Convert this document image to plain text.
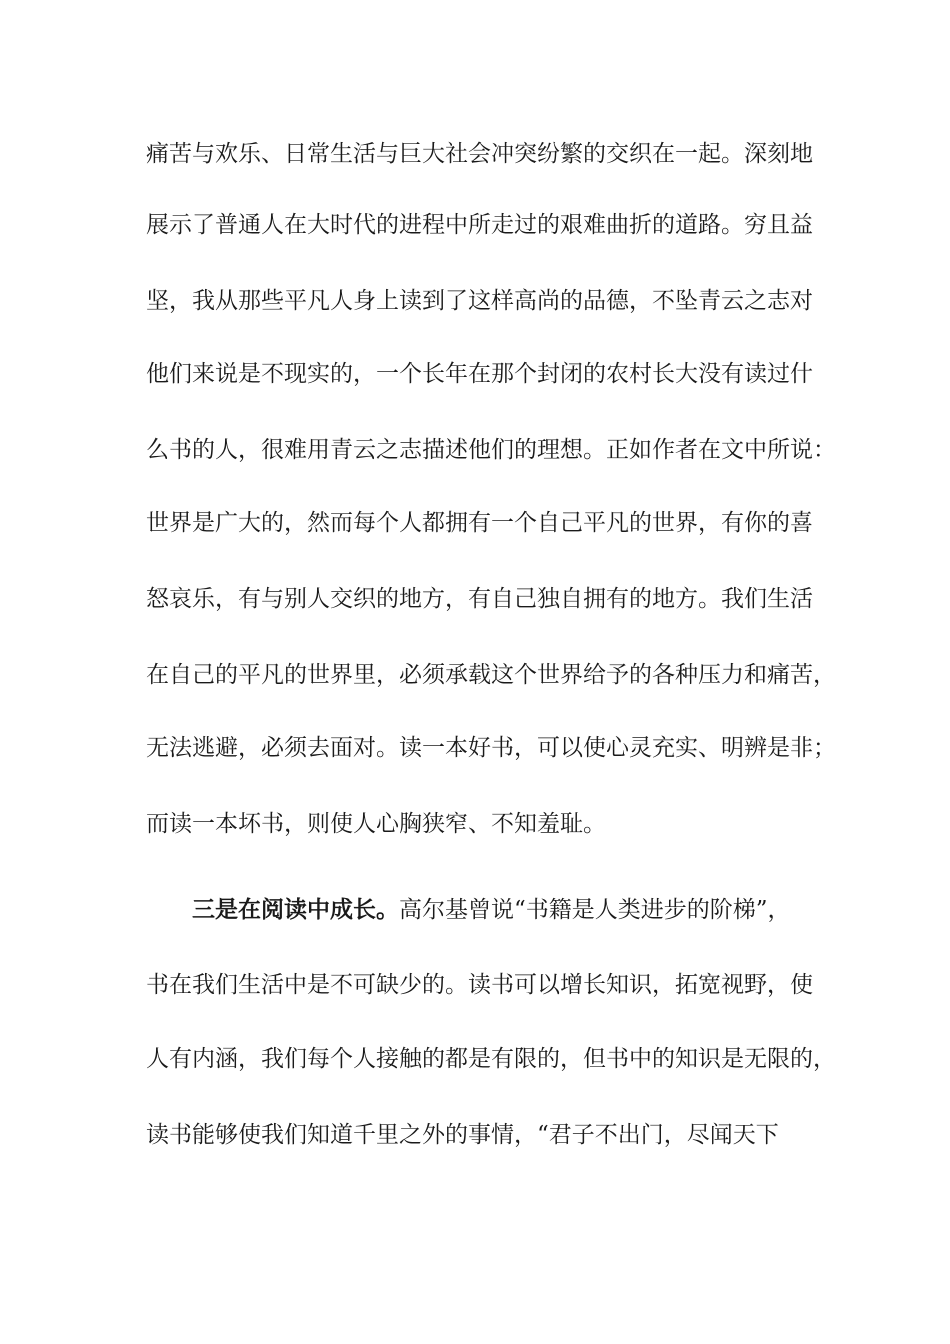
痛苦与欢乐、日常生活与巨大社会冲突纷繁的交织在一起。深刻地
展示了普通人在大时代的进程中所走过的艰难曲折的道路。穷且益
坚，我从那些平凡人身上读到了这样高尚的品德，不坠青云之志对
他们来说是不现实的，一个长年在那个封闭的农村长大没有读过什
么书的人，很难用青云之志描述他们的理想。正如作者在文中所说：
世界是广大的，然而每个人都拥有一个自己平凡的世界，有你的喜
怒哀乐，有与别人交织的地方，有自己独自拥有的地方。我们生活
在自己的平凡的世界里，必须承载这个世界给予的各种压力和痛苦，
无法逃避，必须去面对。读一本好书，可以使心灵充实、明辨是非；
而读一本坏书，则使人心胸狭窄、不知羞耻。
三是在阅读中成长。高尔基曾说“书籍是人类进步的阶梯”，
书在我们生活中是不可缺少的。读书可以增长知识，拓宽视野，使
人有内涵，我们每个人接触的都是有限的，但书中的知识是无限的，
读书能够使我们知道千里之外的事情，“君子不出门，尽闻天下
